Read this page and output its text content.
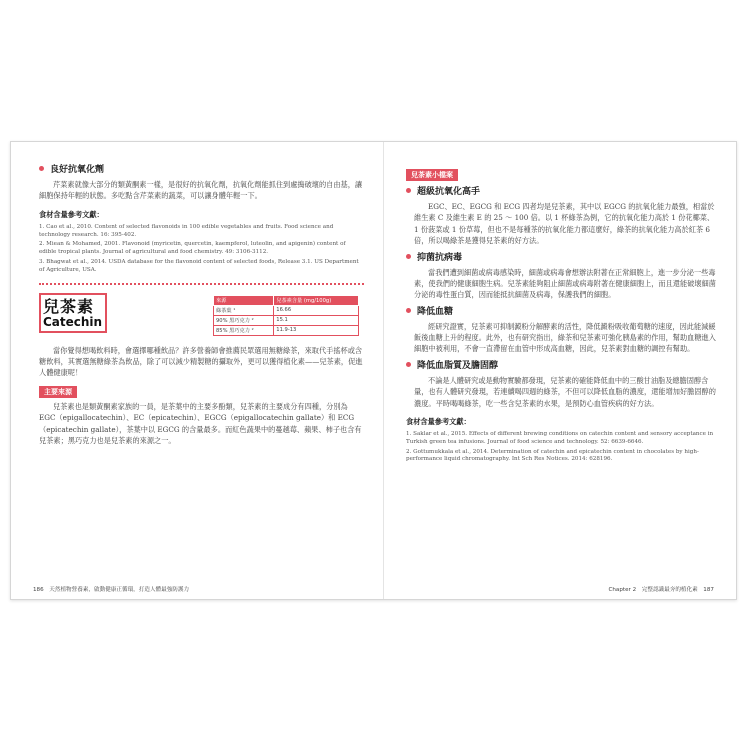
良好抗氧化劑

芹菜素就像大部分的類黃酮素一樣，是很好的抗氧化劑，抗氧化劑能抓住到處搗破壞的自由基，讓細胞保持年輕的狀態。多吃點含芹菜素的蔬菜，可以讓身體年輕一下。

食材含量參考文獻：

1. Cao et al., 2010. Content of selected flavonoids in 100 edible vegetables and fruits. Food science and technology research. 16: 395-402.

2. Miean & Mohamed, 2001. Flavonoid (myricetin, quercetin, kaempferol, luteolin, and apigenin) content of edible tropical plants. Journal of agricultural and food chemistry. 49: 3106-3112.

3. Bhagwat et al., 2014. USDA database for the flavonoid content of selected foods, Release 3.1. US Department of Agriculture, USA.

兒茶素
Catechin
來源	兒茶素含量 (mg/100g)
綠茶葉 ¹	16.66
90% 黑巧克力 ²	15.1
85% 黑巧克力 ²	11.9-13

當你覺得想喝飲料時，會選擇哪種飲品？許多營養師會推薦民眾選用無糖綠茶，來取代手搖杯或含糖飲料，其實選無糖綠茶為飲品，除了可以減少精製糖的攝取外，更可以獲得植化素——兒茶素，促進人體健康呢！

主要來源

兒茶素也是類黃酮素家族的一員，是茶葉中的主要多酚類，兒茶素的主要成分有四種，分別為 EGC（epigallocatechin）、EC（epicatechin）、EGCG（epigallocatechin gallate）和 ECG（epicatechin gallate），茶葉中以 EGCG 的含量最多。而紅色蔬果中的蔓越莓、蘋果、柿子也含有兒茶素；黑巧克力也是兒茶素的來源之一。

兒茶素小檔案
超級抗氧化高手

EGC、EC、EGCG 和 ECG 四者均是兒茶素，其中以 EGCG 的抗氧化能力最強，相當於維生素 C 及維生素 E 的 25 ～ 100 倍。以 1 杯綠茶為例，它的抗氧化能力高於 1 份花椰菜、1 份菠菜或 1 份草莓，但也不是每種茶的抗氧化能力都這麼好，綠茶的抗氧化能力高於紅茶 6 倍，所以喝綠茶是獲得兒茶素的好方法。

抑菌抗病毒

當我們遭到細菌或病毒感染時，細菌或病毒會想辦法附著在正常細胞上，進一步分泌一些毒素，使我們的健康細胞生病。兒茶素能夠阻止細菌或病毒附著在健康細胞上，而且還能破壞細菌分泌的毒性蛋白質，因而能抵抗細菌及病毒，保護我們的細胞。

降低血糖

經研究證實，兒茶素可抑制澱粉分解酵素的活性，降低澱粉吸收葡萄糖的速度，因此能減緩飯後血糖上升的程度。此外，也有研究指出，綠茶和兒茶素可強化胰島素的作用，幫助血糖進入細胞中被利用，不會一直滯留在血管中形成高血糖，因此，兒茶素對血糖的調控有幫助。

降低血脂質及膽固醇

不論是人體研究或是動物實驗都發現，兒茶素的確能降低血中的三酸甘油脂及總膽固醇含量，也有人體研究發現，若連續喝四週的綠茶，不但可以降低血脂的濃度，還能增加好膽固醇的濃度。平時喝喝綠茶，吃一些含兒茶素的水果，是預防心血管疾病的好方法。

食材含量參考文獻：

1. Saklar et al., 2015. Effects of different brewing conditions on catechin content and sensory acceptance in Turkish green tea infusions. Journal of food science and technology. 52: 6639-6646.

2. Gottumukkala et al., 2014. Determination of catechin and epicatechin content in chocolates by high-performance liquid chromatography. Int Sch Res Notices. 2014: 628196.

186　天然植物營養素，啟動健康正循環，打造人體最強防護力	Chapter 2　完整認識最夯的植化素　187
